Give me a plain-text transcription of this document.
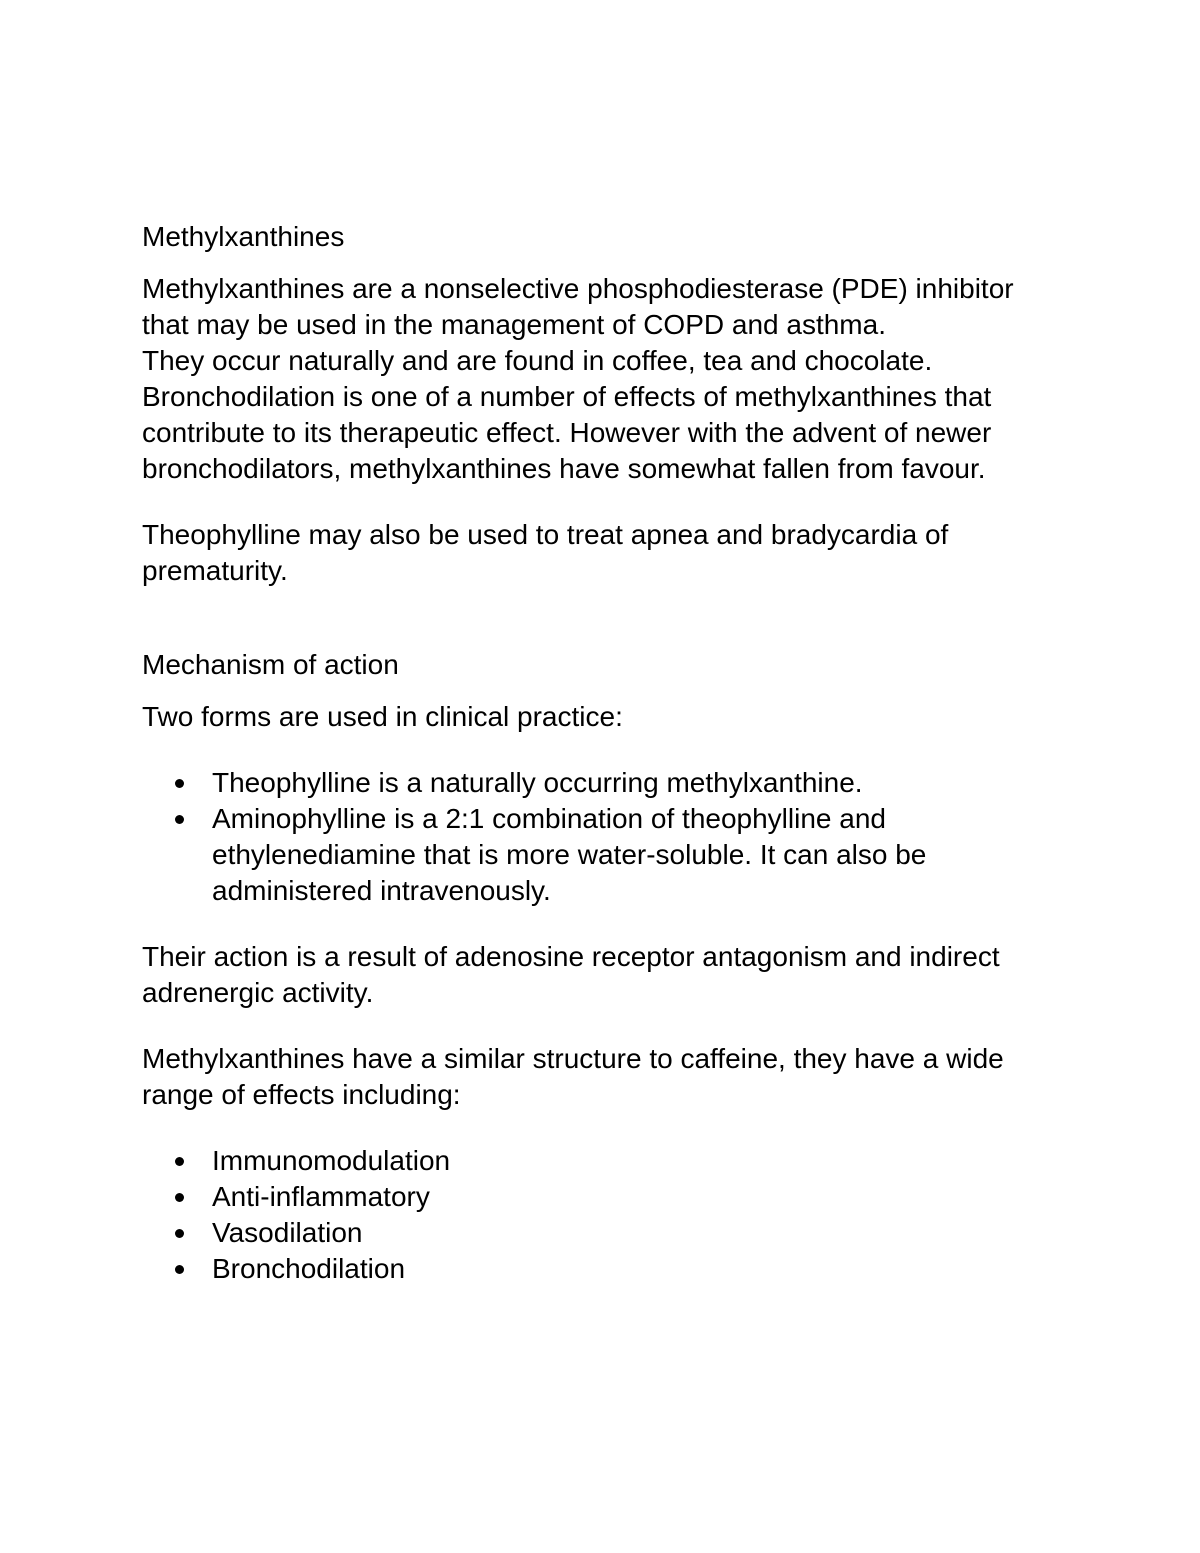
Methylxanthines

Methylxanthines are a nonselective phosphodiesterase (PDE) inhibitor that may be used in the management of COPD and asthma.

They occur naturally and are found in coffee, tea and chocolate.

Bronchodilation is one of a number of effects of methylxanthines that contribute to its therapeutic effect. However with the advent of newer bronchodilators, methylxanthines have somewhat fallen from favour.

Theophylline may also be used to treat apnea and bradycardia of prematurity.

Mechanism of action

Two forms are used in clinical practice:

Theophylline is a naturally occurring methylxanthine.
Aminophylline is a 2:1 combination of theophylline and ethylenediamine that is more water-soluble. It can also be administered intravenously.

Their action is a result of adenosine receptor antagonism and indirect adrenergic activity.

Methylxanthines have a similar structure to caffeine, they have a wide range of effects including:

Immunomodulation
Anti-inflammatory
Vasodilation
Bronchodilation
